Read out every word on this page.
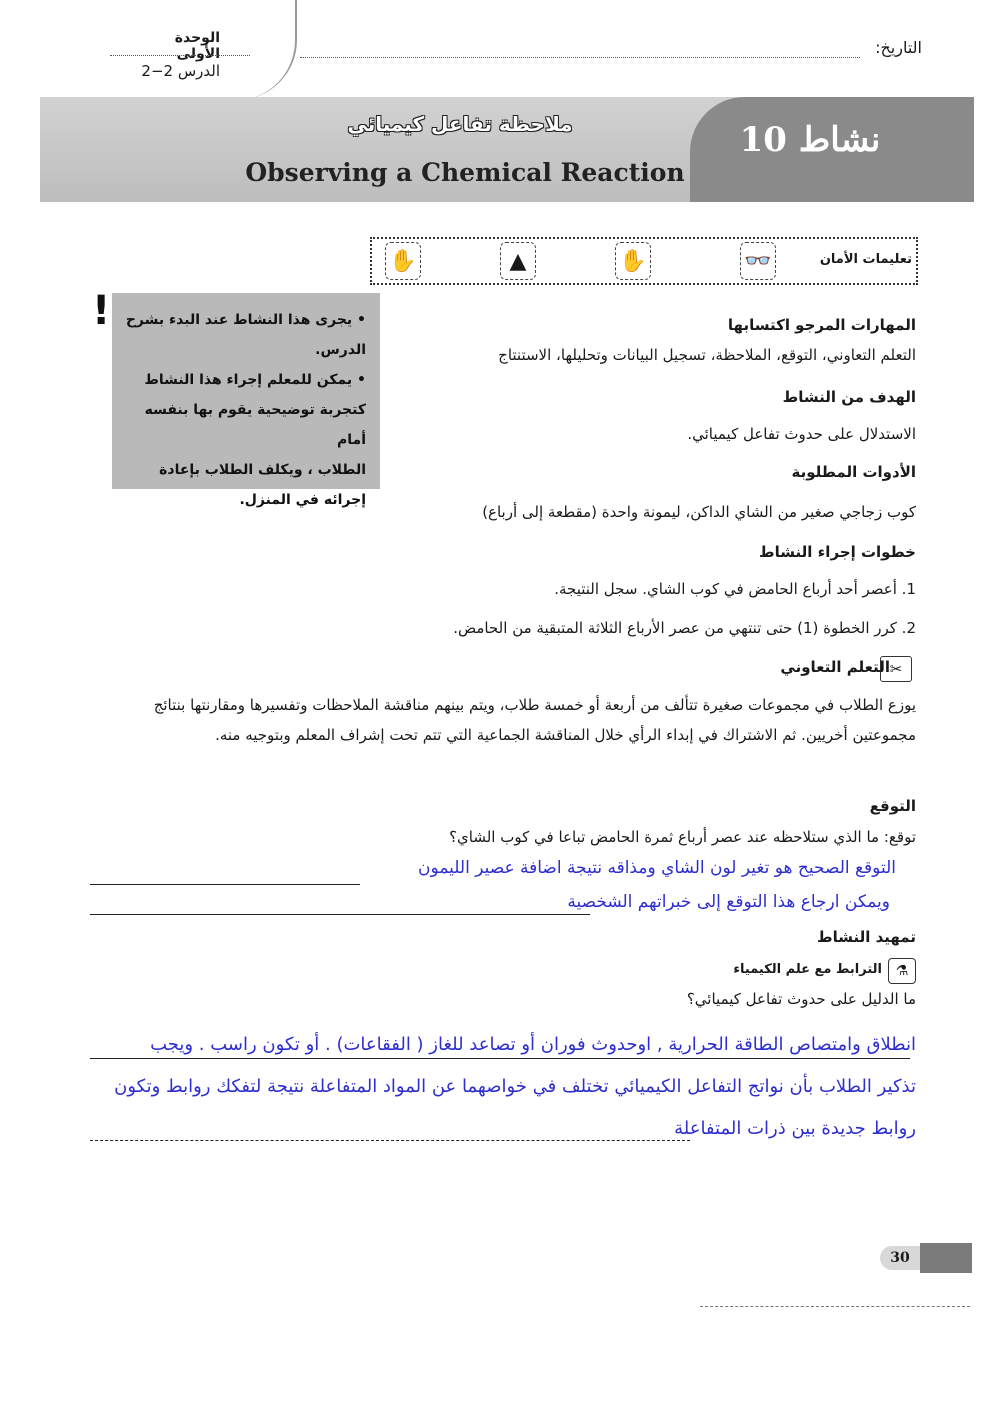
الوحدة الأولى
الدرس 2−2
التاريخ:
نشاط 10
ملاحظة تفاعل كيميائي
Observing a Chemical Reaction
تعليمات الأمان
👓
✋
▲
✋
! • يجرى هذا النشاط عند البدء بشرح
الدرس.
• يمكن للمعلم إجراء هذا النشاط
كتجربة توضيحية يقوم بها بنفسه أمام
الطلاب ، ويكلف الطلاب بإعادة
إجرائه في المنزل.
المهارات المرجو اكتسابها
التعلم التعاوني، التوقع، الملاحظة، تسجيل البيانات وتحليلها، الاستنتاج
الهدف من النشاط
الاستدلال على حدوث تفاعل كيميائي.
الأدوات المطلوبة
كوب زجاجي صغير من الشاي الداكن، ليمونة واحدة (مقطعة إلى أرباع)
خطوات إجراء النشاط
1. أعصر أحد أرباع الحامض في كوب الشاي. سجل النتيجة.
2. كرر الخطوة (1) حتى تنتهي من عصر الأرباع الثلاثة المتبقية من الحامض.
✂
التعلم التعاوني
يوزع الطلاب في مجموعات صغيرة تتألف من أربعة أو خمسة طلاب، ويتم بينهم مناقشة الملاحظات وتفسيرها ومقارنتها بنتائج مجموعتين أخريين. ثم الاشتراك في إبداء الرأي خلال المناقشة الجماعية التي تتم تحت إشراف المعلم وبتوجيه منه.
التوقع
توقع: ما الذي ستلاحظه عند عصر أرباع ثمرة الحامض تباعا في كوب الشاي؟
التوقع الصحيح هو تغير لون الشاي ومذاقه نتيجة اضافة عصير الليمون
ويمكن ارجاع هذا التوقع إلى خبراتهم الشخصية
تمهيد النشاط
⚗
الترابط مع علم الكيمياء
ما الدليل على حدوث تفاعل كيميائي؟
انطلاق وامتصاص الطاقة الحرارية , اوحدوث فوران أو تصاعد للغاز ( الفقاعات) . أو تكون راسب . ويجب
تذكير الطلاب بأن نواتج التفاعل الكيميائي تختلف في خواصهما عن المواد المتفاعلة نتيجة لتفكك روابط وتكون
روابط جديدة بين ذرات المتفاعلة
30
